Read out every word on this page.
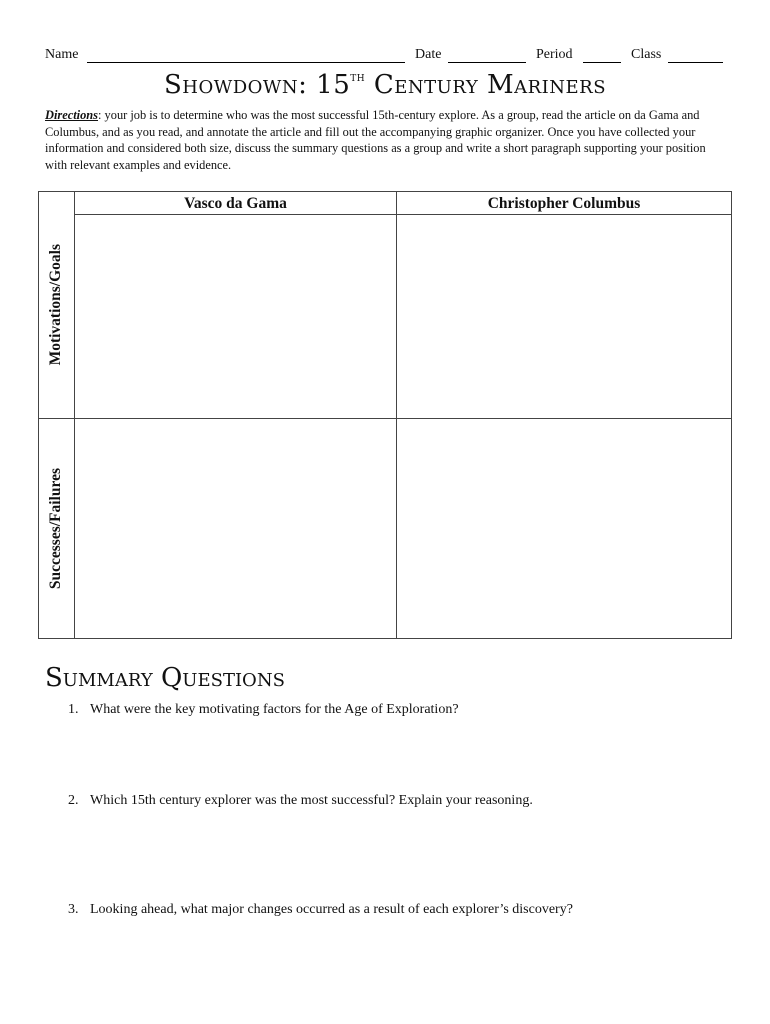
Name	Date	Period	Class
Showdown: 15th Century Mariners
Directions: your job is to determine who was the most successful 15th-century explore. As a group, read the article on da Gama and Columbus, and as you read, and annotate the article and fill out the accompanying graphic organizer. Once you have collected your information and considered both size, discuss the summary questions as a group and write a short paragraph supporting your position with relevant examples and evidence.
Vasco da Gama	Christopher Columbus
Motivations/Goals
Successes/Failures
Summary Questions
1. What were the key motivating factors for the Age of Exploration?
2. Which 15th century explorer was the most successful? Explain your reasoning.
3. Looking ahead, what major changes occurred as a result of each explorer’s discovery?
